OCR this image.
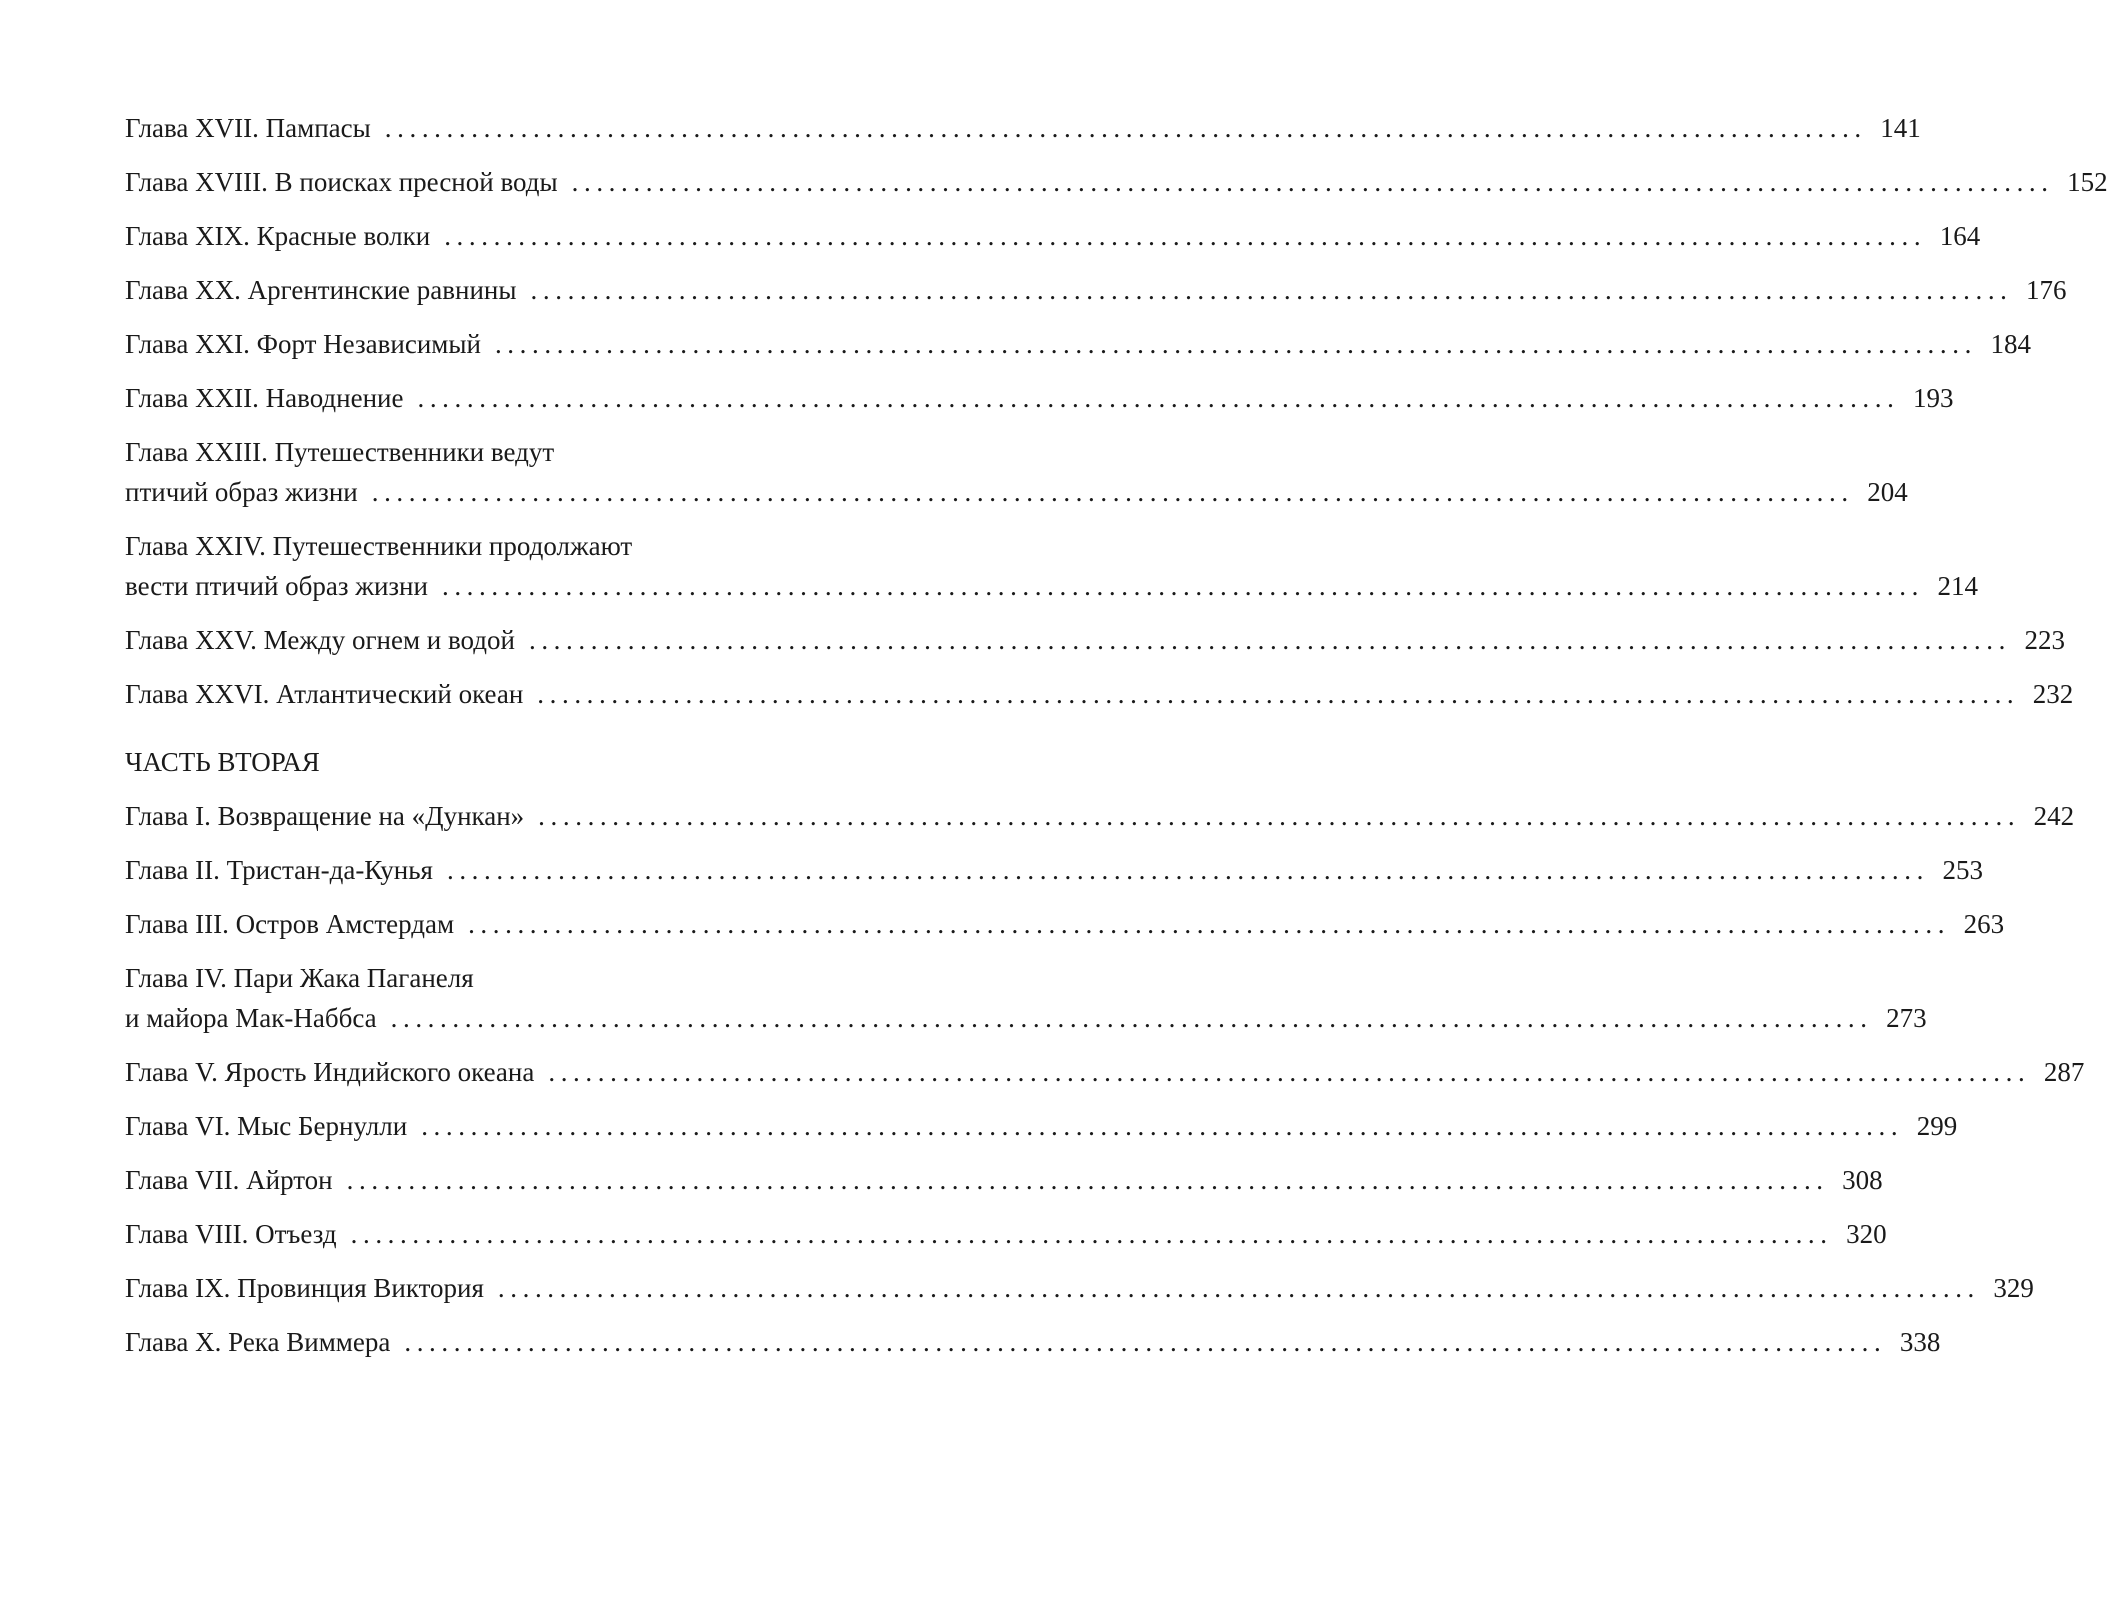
Глава XVII. Пампасы ........................................................................................................................ 141
Глава XVIII. В поисках пресной воды ........................................................................................................................ 152
Глава XIX. Красные волки ........................................................................................................................ 164
Глава XX. Аргентинские равнины ........................................................................................................................ 176
Глава XXI. Форт Независимый ........................................................................................................................ 184
Глава XXII. Наводнение ........................................................................................................................ 193
Глава XXIII. Путешественники ведут
птичий образ жизни ........................................................................................................................ 204
Глава XXIV. Путешественники продолжают
вести птичий образ жизни ........................................................................................................................ 214
Глава XXV. Между огнем и водой ........................................................................................................................ 223
Глава XXVI. Атлантический океан ........................................................................................................................ 232
ЧАСТЬ ВТОРАЯ
Глава I. Возвращение на «Дункан» ........................................................................................................................ 242
Глава II. Тристан-да-Кунья ........................................................................................................................ 253
Глава III. Остров Амстердам ........................................................................................................................ 263
Глава IV. Пари Жака Паганеля
и майора Мак-Наббса ........................................................................................................................ 273
Глава V. Ярость Индийского океана ........................................................................................................................ 287
Глава VI. Мыс Бернулли ........................................................................................................................ 299
Глава VII. Айртон ........................................................................................................................ 308
Глава VIII. Отъезд ........................................................................................................................ 320
Глава IX. Провинция Виктория ........................................................................................................................ 329
Глава X. Река Виммера ........................................................................................................................ 338
